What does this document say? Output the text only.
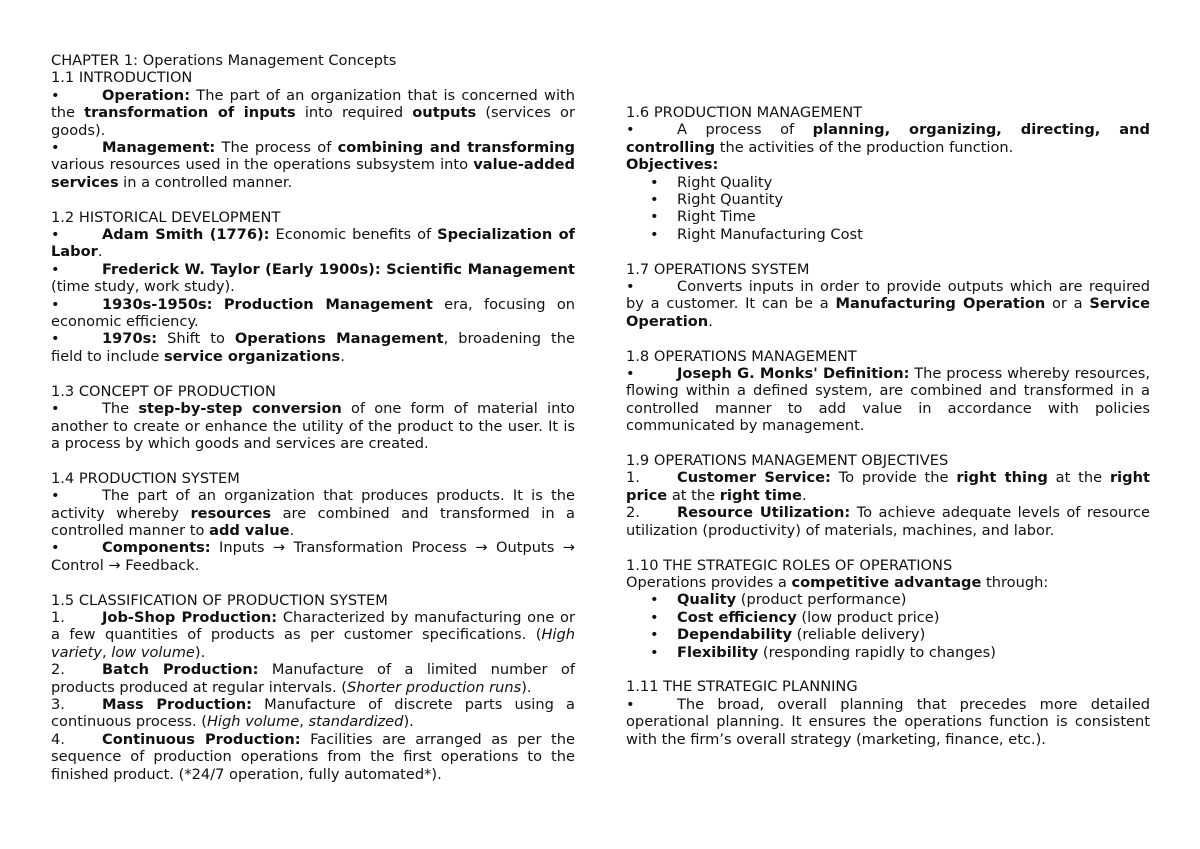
CHAPTER 1: Operations Management Concepts
1.1 INTRODUCTION

•	Operation: The part of an organization that is concerned with the transformation of inputs into required outputs (services or goods).

•	Management: The process of combining and transforming various resources used in the operations subsystem into value-added services in a controlled manner.

1.2 HISTORICAL DEVELOPMENT

•	Adam Smith (1776): Economic benefits of Specialization of Labor.

•	Frederick W. Taylor (Early 1900s): Scientific Management (time study, work study).

•	1930s-1950s: Production Management era, focusing on economic efficiency.

•	1970s: Shift to Operations Management, broadening the field to include service organizations.

1.3 CONCEPT OF PRODUCTION

•	The step-by-step conversion of one form of material into another to create or enhance the utility of the product to the user. It is a process by which goods and services are created.

1.4 PRODUCTION SYSTEM

•	The part of an organization that produces products. It is the activity whereby resources are combined and transformed in a controlled manner to add value.

•	Components: Inputs → Transformation Process → Outputs → Control → Feedback.

1.5 CLASSIFICATION OF PRODUCTION SYSTEM

1.	Job-Shop Production: Characterized by manufacturing one or a few quantities of products as per customer specifications. (High variety, low volume).

2.	Batch Production: Manufacture of a limited number of products produced at regular intervals. (Shorter production runs).

3.	Mass Production: Manufacture of discrete parts using a continuous process. (High volume, standardized).

4.	Continuous Production: Facilities are arranged as per the sequence of production operations from the first operations to the finished product. (*24/7 operation, fully automated*).

1.6 PRODUCTION MANAGEMENT

•	A process of planning, organizing, directing, and controlling the activities of the production function.

Objectives:
• Right Quality
• Right Quantity
• Right Time
• Right Manufacturing Cost
1.7 OPERATIONS SYSTEM

•	Converts inputs in order to provide outputs which are required by a customer. It can be a Manufacturing Operation or a Service Operation.

1.8 OPERATIONS MANAGEMENT

•	Joseph G. Monks' Definition: The process whereby resources, flowing within a defined system, are combined and transformed in a controlled manner to add value in accordance with policies communicated by management.

1.9 OPERATIONS MANAGEMENT OBJECTIVES

1.	Customer Service: To provide the right thing at the right price at the right time.

2.	Resource Utilization: To achieve adequate levels of resource utilization (productivity) of materials, machines, and labor.

1.10 THE STRATEGIC ROLES OF OPERATIONS

Operations provides a competitive advantage through:

• Quality (product performance)
• Cost efficiency (low product price)
• Dependability (reliable delivery)
• Flexibility (responding rapidly to changes)
1.11 THE STRATEGIC PLANNING

•	The broad, overall planning that precedes more detailed operational planning. It ensures the operations function is consistent with the firm’s overall strategy (marketing, finance, etc.).
